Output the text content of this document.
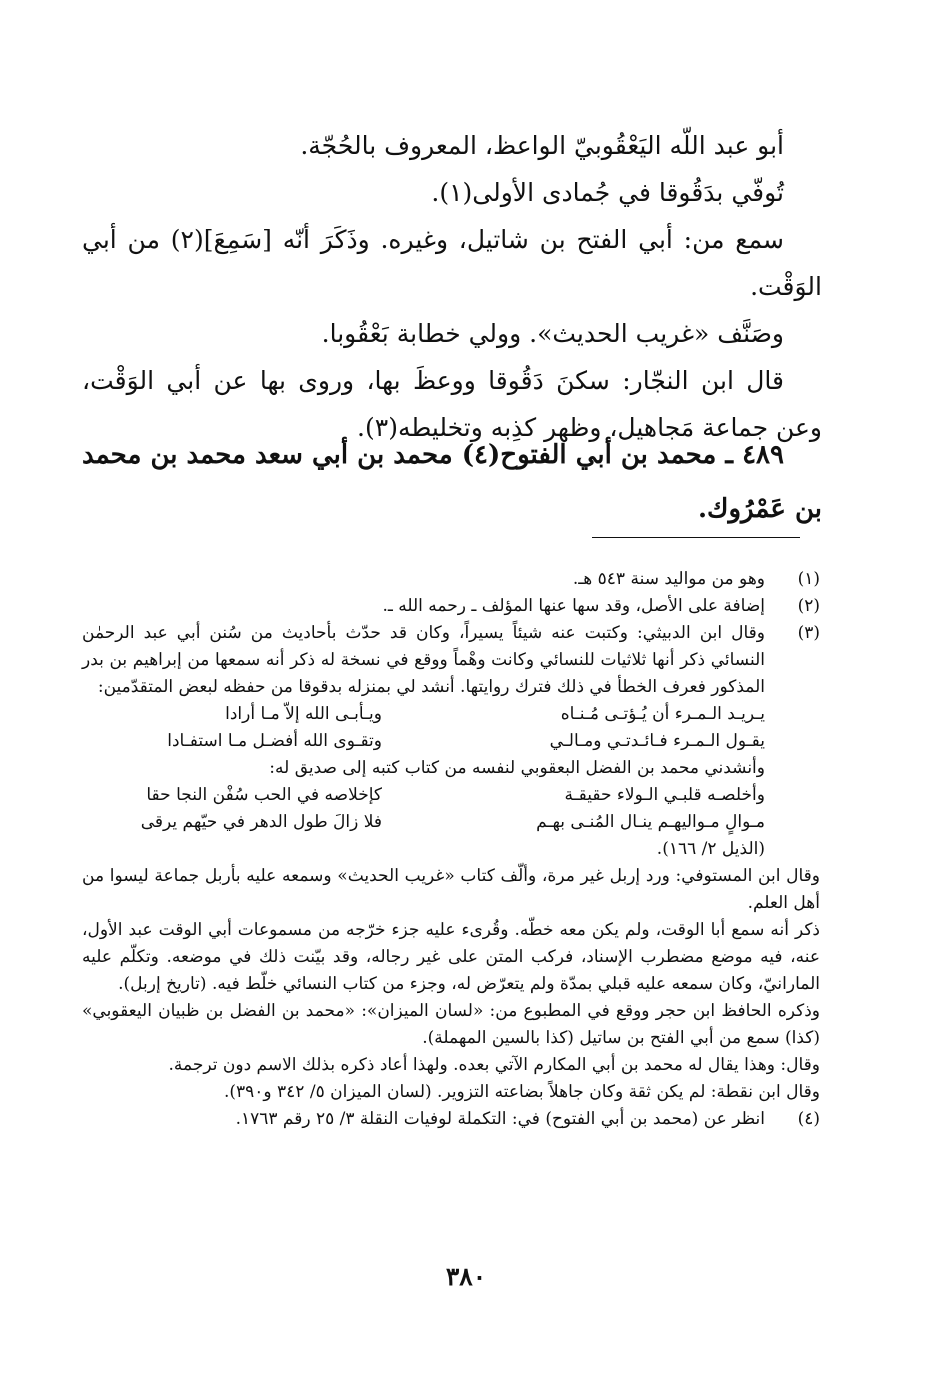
أبو عبد اللّه اليَعْقُوبيّ الواعظ، المعروف بالحُجّة.

تُوفّي بدَقُوقا في جُمادى الأولى(١).

سمع من: أبي الفتح بن شاتيل، وغيره. وذَكَرَ أنّه [سَمِعَ](٢) من أبي الوَقْت.

وصَنَّف «غريب الحديث». وولي خطابة بَعْقُوبا.

قال ابن النجّار: سكنَ دَقُوقا ووعظَ بها، وروى بها عن أبي الوَقْت، وعن جماعة مَجاهيل، وظهر كذِبه وتخليطه(٣).

٤٨٩ ـ محمد بن أبي الفتوح(٤) محمد بن أبي سعد محمد بن محمد بن عَمْرُوك.

(١)
وهو من مواليد سنة ٥٤٣ هـ.
(٢)
إضافة على الأصل، وقد سها عنها المؤلف ـ رحمه الله ـ.
(٣)
وقال ابن الدبيثي: وكتبت عنه شيئاً يسيراً، وكان قد حدّث بأحاديث من سُنن أبي عبد الرحمٰن النسائي ذكر أنها ثلاثيات للنسائي وكانت وهْماً ووقع في نسخة له ذكر أنه سمعها من إبراهيم بن بدر المذكور فعرف الخطأ في ذلك فترك روايتها. أنشد لي بمنزله بدقوقا من حفظه لبعض المتقدّمين:
يـريـد الـمـرء أن يُـؤتـى مُـنـاه
ويـأبـى الله إلاّ مـا أرادا
يقـول الـمـرء فـائـدتـي ومـالـي
وتقـوى الله أفضـل مـا استفـادا
وأنشدني محمد بن الفضل البعقوبي لنفسه من كتاب كتبه إلى صديق له:
وأخلصـه قلبـي الـولاء حقيقـة
كإخلاصه في الحب سُفْن النجا حقا
مـوالٍ مـواليهـم ينـال المُنـى بهـم
فلا زالَ طول الدهر في حيّهم يرقى
(الذيل ٢/ ١٦٦).
وقال ابن المستوفي: ورد إربل غير مرة، وألّف كتاب «غريب الحديث» وسمعه عليه بأربل جماعة ليسوا من أهل العلم.
ذكر أنه سمع أبا الوقت، ولم يكن معه خطّه. وقُرىء عليه جزء خرّجه من مسموعات أبي الوقت عبد الأول، عنه، فيه موضع مضطرب الإسناد، فركب المتن على غير رجاله، وقد بيّنت ذلك في موضعه. وتكلّم عليه المارانيّ، وكان سمعه عليه قبلي بمدّة ولم يتعرّض له، وجزء من كتاب النسائي خلّط فيه. (تاريخ إربل).
وذكره الحافظ ابن حجر ووقع في المطبوع من: «لسان الميزان»: «محمد بن الفضل بن ظبيان اليعقوبي» (كذا) سمع من أبي الفتح بن ساتيل (كذا بالسين المهملة).
وقال: وهذا يقال له محمد بن أبي المكارم الآتي بعده. ولهذا أعاد ذكره بذلك الاسم دون ترجمة.
وقال ابن نقطة: لم يكن ثقة وكان جاهلاً بضاعته التزوير. (لسان الميزان ٥/ ٣٤٢ و٣٩٠).
(٤)
انظر عن (محمد بن أبي الفتوح) في: التكملة لوفيات النقلة ٣/ ٢٥ رقم ١٧٦٣.
٣٨٠
